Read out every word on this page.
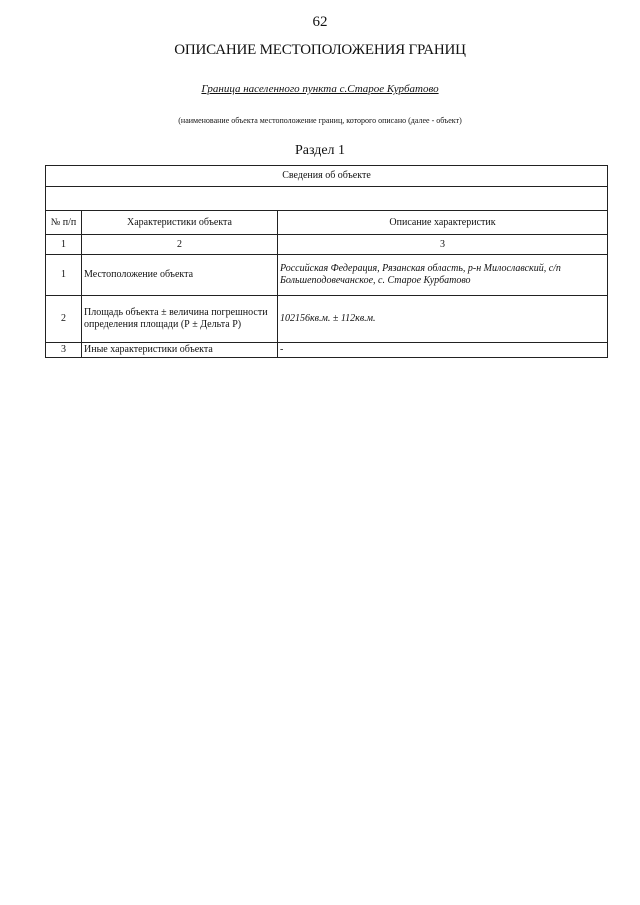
62
ОПИСАНИЕ МЕСТОПОЛОЖЕНИЯ ГРАНИЦ
Граница населенного пункта с.Старое Курбатово
(наименование объекта местоположение границ, которого описано (далее - объект)
Раздел 1
Сведения об объекте		

№ п/п	Характеристики объекта	Описание характеристик
1	2	3
1	Местоположение объекта	Российская Федерация, Рязанская область, р-н Милославский, с/п Большеподовечанское, с. Старое Курбатово
2	Площадь объекта ± величина погрешности определения площади (Р ± Дельта Р)	102156кв.м. ± 112кв.м.
3	Иные характеристики объекта	-
